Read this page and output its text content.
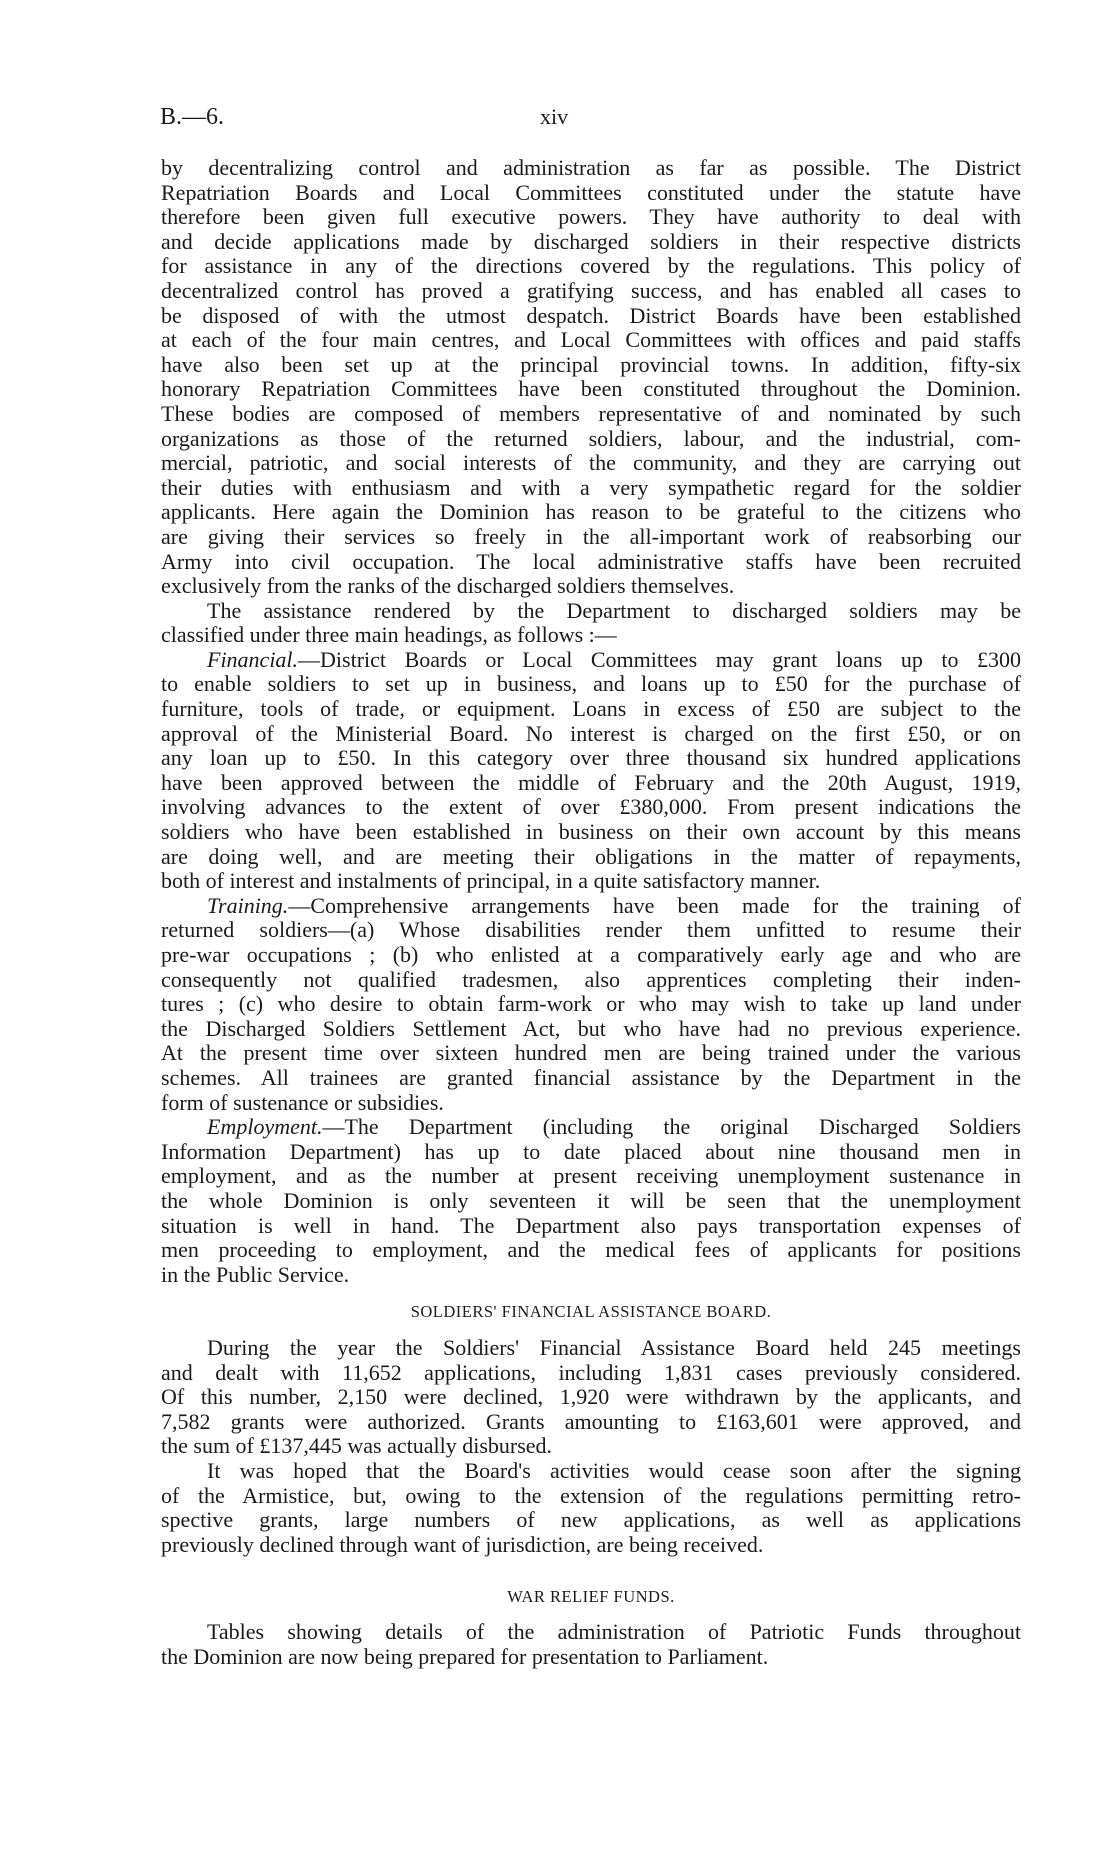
B.—6.	xiv
by decentralizing control and administration as far as possible. The District
Repatriation Boards and Local Committees constituted under the statute have
therefore been given full executive powers. They have authority to deal with
and decide applications made by discharged soldiers in their respective districts
for assistance in any of the directions covered by the regulations. This policy of
decentralized control has proved a gratifying success, and has enabled all cases to
be disposed of with the utmost despatch. District Boards have been established
at each of the four main centres, and Local Committees with offices and paid staffs
have also been set up at the principal provincial towns. In addition, fifty-six
honorary Repatriation Committees have been constituted throughout the Dominion.
These bodies are composed of members representative of and nominated by such
organizations as those of the returned soldiers, labour, and the industrial, com-
mercial, patriotic, and social interests of the community, and they are carrying out
their duties with enthusiasm and with a very sympathetic regard for the soldier
applicants. Here again the Dominion has reason to be grateful to the citizens who
are giving their services so freely in the all-important work of reabsorbing our
Army into civil occupation. The local administrative staffs have been recruited
exclusively from the ranks of the discharged soldiers themselves.
The assistance rendered by the Department to discharged soldiers may be
classified under three main headings, as follows :—
Financial.—District Boards or Local Committees may grant loans up to £300
to enable soldiers to set up in business, and loans up to £50 for the purchase of
furniture, tools of trade, or equipment. Loans in excess of £50 are subject to the
approval of the Ministerial Board. No interest is charged on the first £50, or on
any loan up to £50. In this category over three thousand six hundred applications
have been approved between the middle of February and the 20th August, 1919,
involving advances to the extent of over £380,000. From present indications the
soldiers who have been established in business on their own account by this means
are doing well, and are meeting their obligations in the matter of repayments,
both of interest and instalments of principal, in a quite satisfactory manner.
Training.—Comprehensive arrangements have been made for the training of
returned soldiers—(a) Whose disabilities render them unfitted to resume their
pre-war occupations ; (b) who enlisted at a comparatively early age and who are
consequently not qualified tradesmen, also apprentices completing their inden-
tures ; (c) who desire to obtain farm-work or who may wish to take up land under
the Discharged Soldiers Settlement Act, but who have had no previous experience.
At the present time over sixteen hundred men are being trained under the various
schemes. All trainees are granted financial assistance by the Department in the
form of sustenance or subsidies.
Employment.—The Department (including the original Discharged Soldiers
Information Department) has up to date placed about nine thousand men in
employment, and as the number at present receiving unemployment sustenance in
the whole Dominion is only seventeen it will be seen that the unemployment
situation is well in hand. The Department also pays transportation expenses of
men proceeding to employment, and the medical fees of applicants for positions
in the Public Service.
SOLDIERS' FINANCIAL ASSISTANCE BOARD.
During the year the Soldiers' Financial Assistance Board held 245 meetings
and dealt with 11,652 applications, including 1,831 cases previously considered.
Of this number, 2,150 were declined, 1,920 were withdrawn by the applicants, and
7,582 grants were authorized. Grants amounting to £163,601 were approved, and
the sum of £137,445 was actually disbursed.
It was hoped that the Board's activities would cease soon after the signing
of the Armistice, but, owing to the extension of the regulations permitting retro-
spective grants, large numbers of new applications, as well as applications
previously declined through want of jurisdiction, are being received.
WAR RELIEF FUNDS.
Tables showing details of the administration of Patriotic Funds throughout
the Dominion are now being prepared for presentation to Parliament.
